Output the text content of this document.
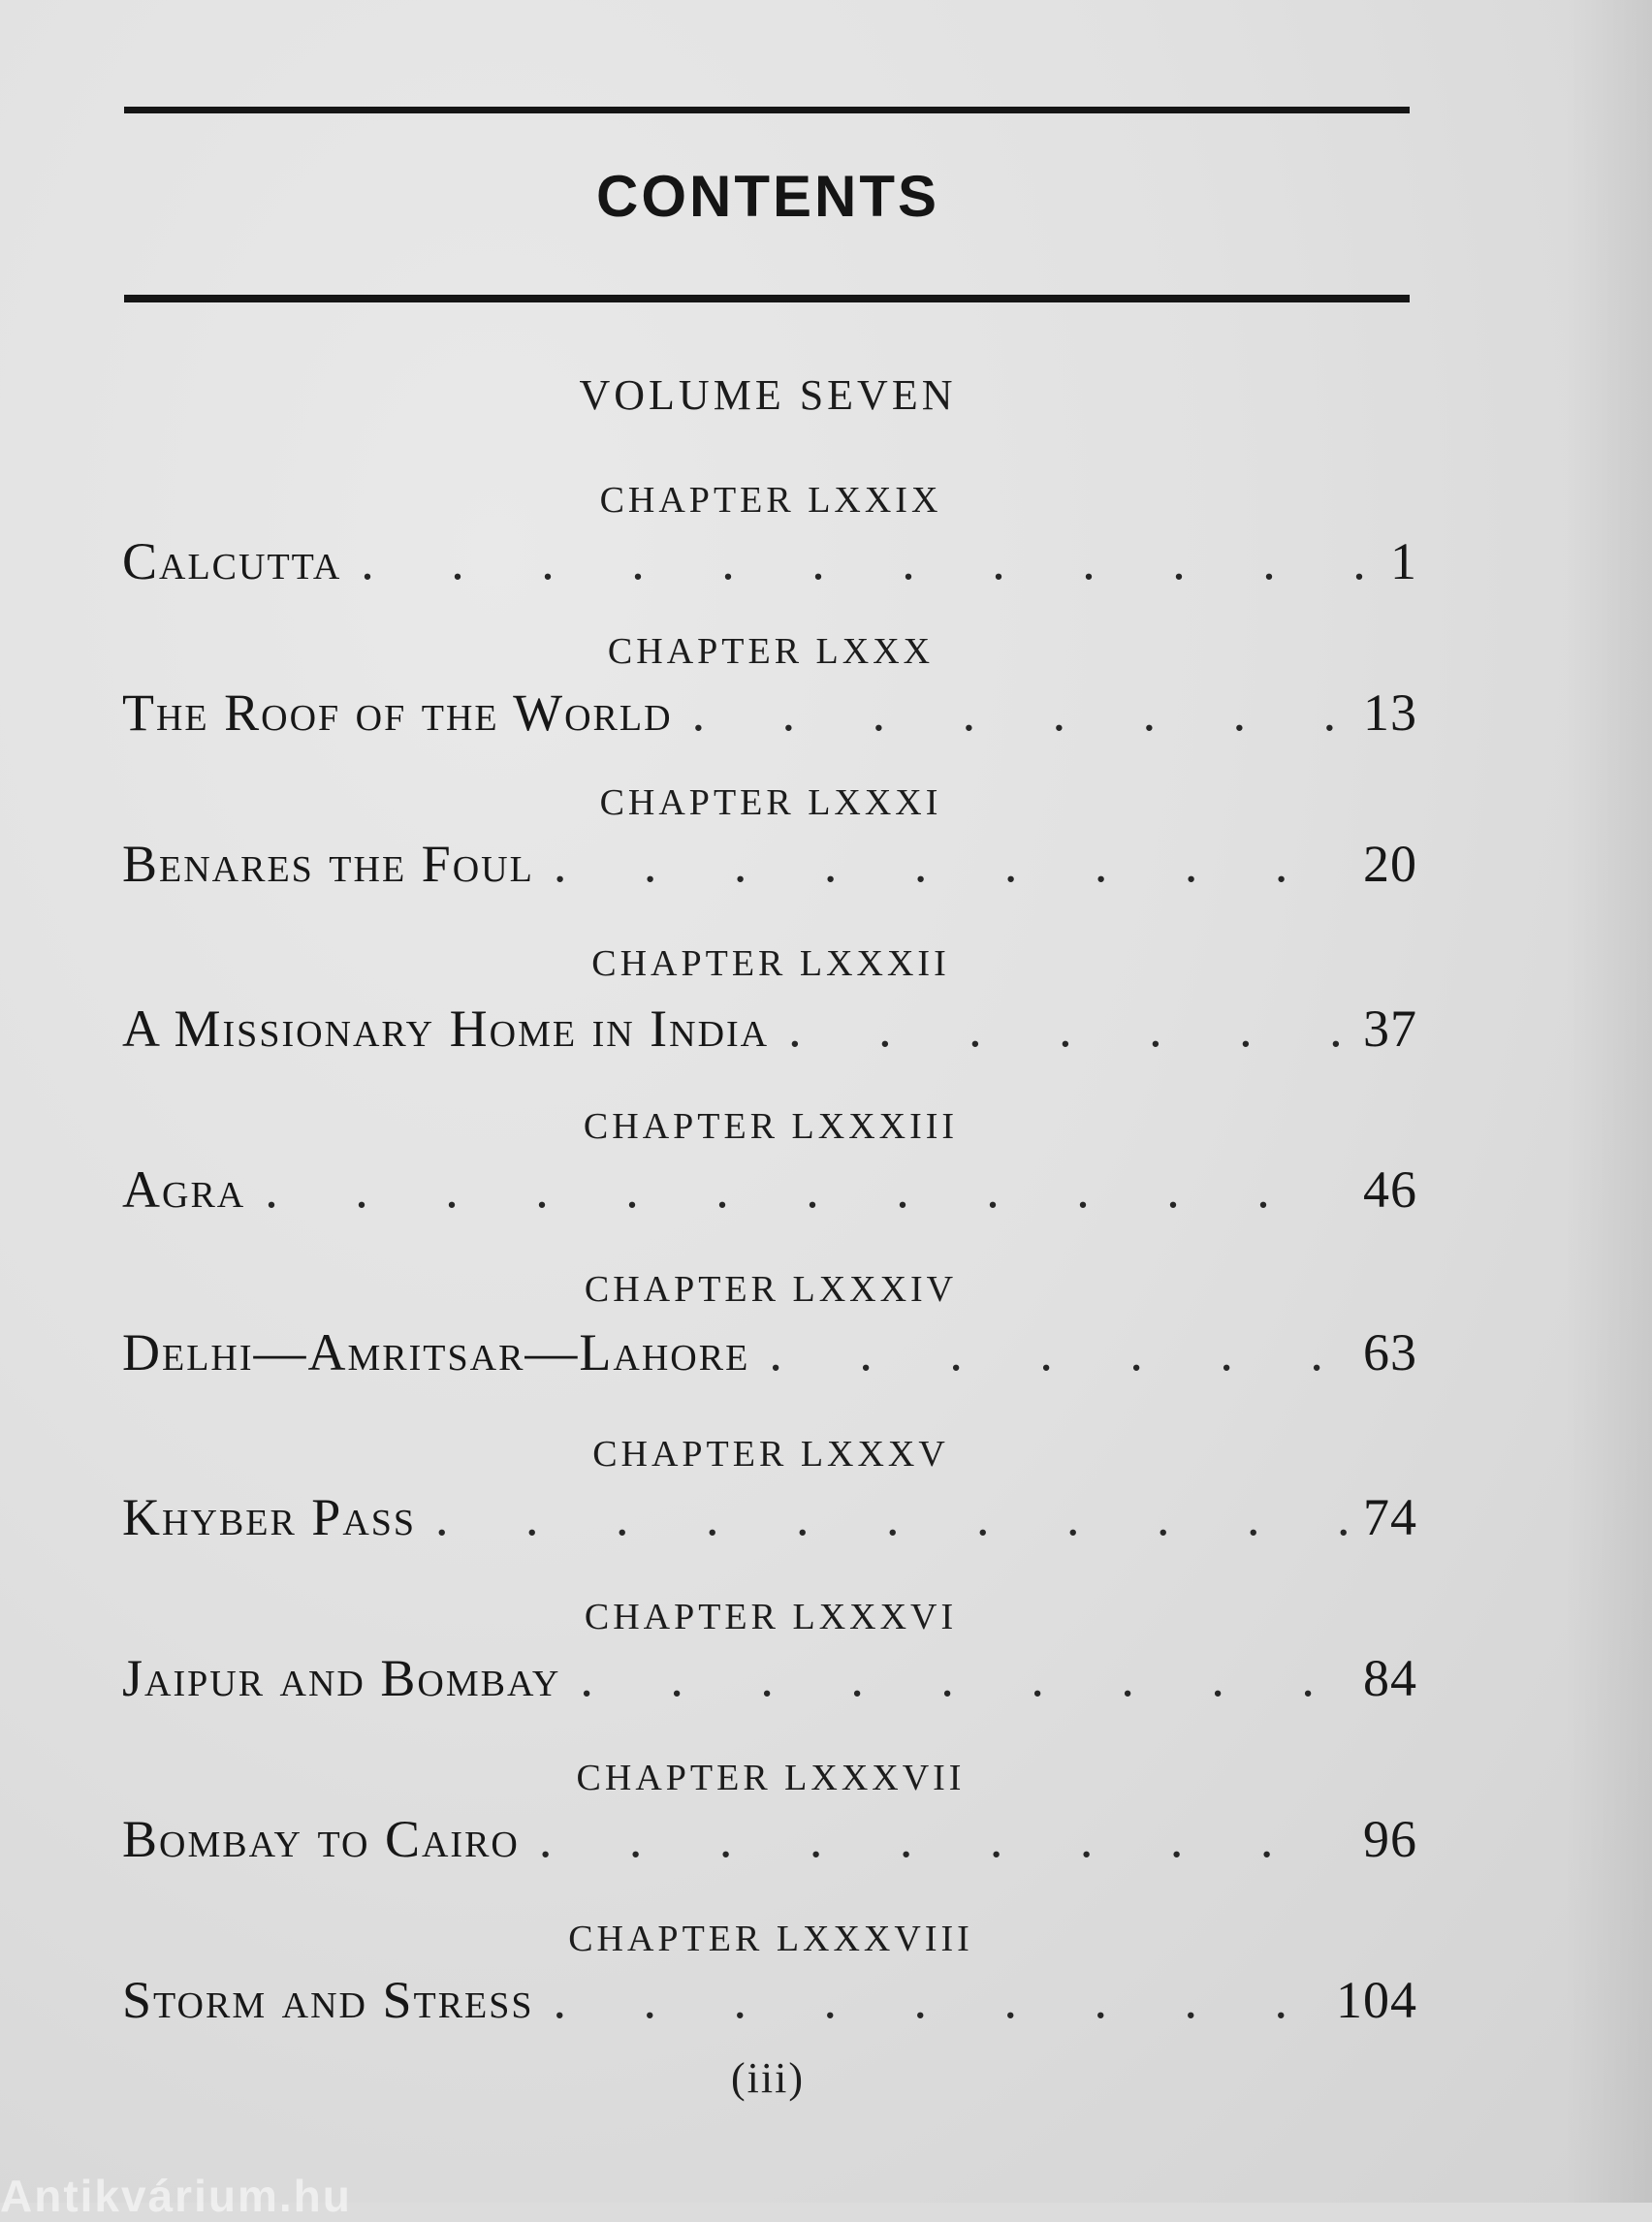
CONTENTS
VOLUME SEVEN
CHAPTER LXXIX
Calcutta . . .	1
CHAPTER LXXX
The Roof of the World . . .	13
CHAPTER LXXXI
Benares the Foul . . .	20
CHAPTER LXXXII
A Missionary Home in India . . .	37
CHAPTER LXXXIII
Agra . . .	46
CHAPTER LXXXIV
Delhi—Amritsar—Lahore . . .	63
CHAPTER LXXXV
Khyber Pass . . .	74
CHAPTER LXXXVI
Jaipur and Bombay . . .	84
CHAPTER LXXXVII
Bombay to Cairo . . .	96
CHAPTER LXXXVIII
Storm and Stress . . .	104
(iii)
Antikvárium.hu
